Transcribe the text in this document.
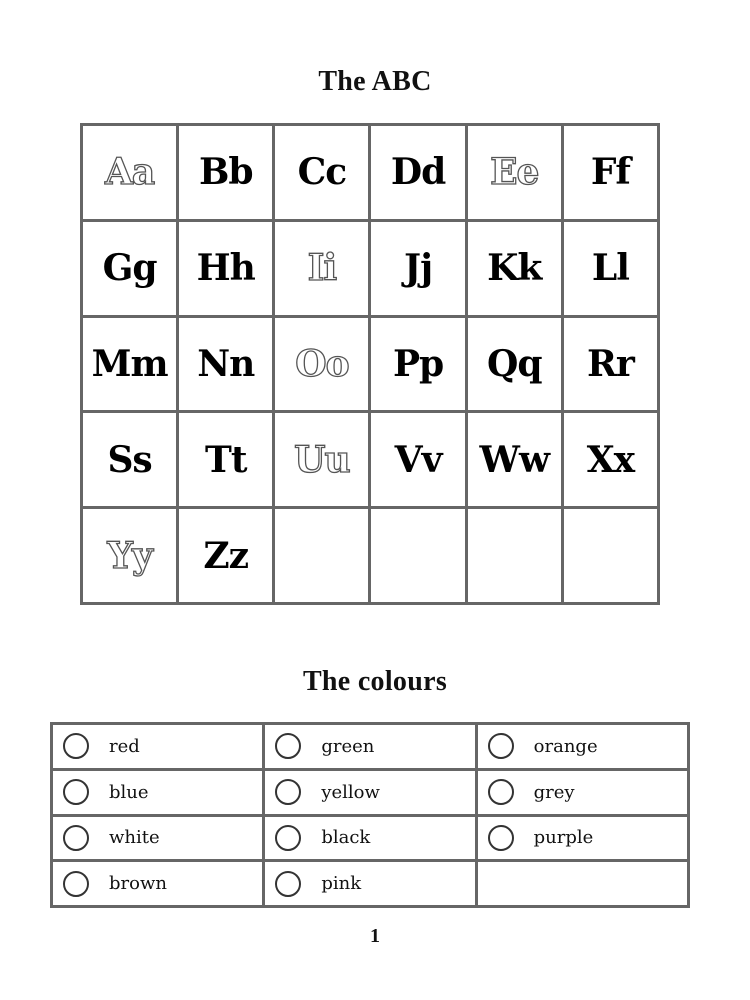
The ABC
Aa Bb Cc Dd Ee Ff
Gg Hh Ii Jj Kk Ll
Mm Nn Oo Pp Qq Rr
Ss Tt Uu Vv Ww Xx
Yy Zz
The colours
red	green	orange
blue	yellow	grey
white	black	purple
brown	pink
1
